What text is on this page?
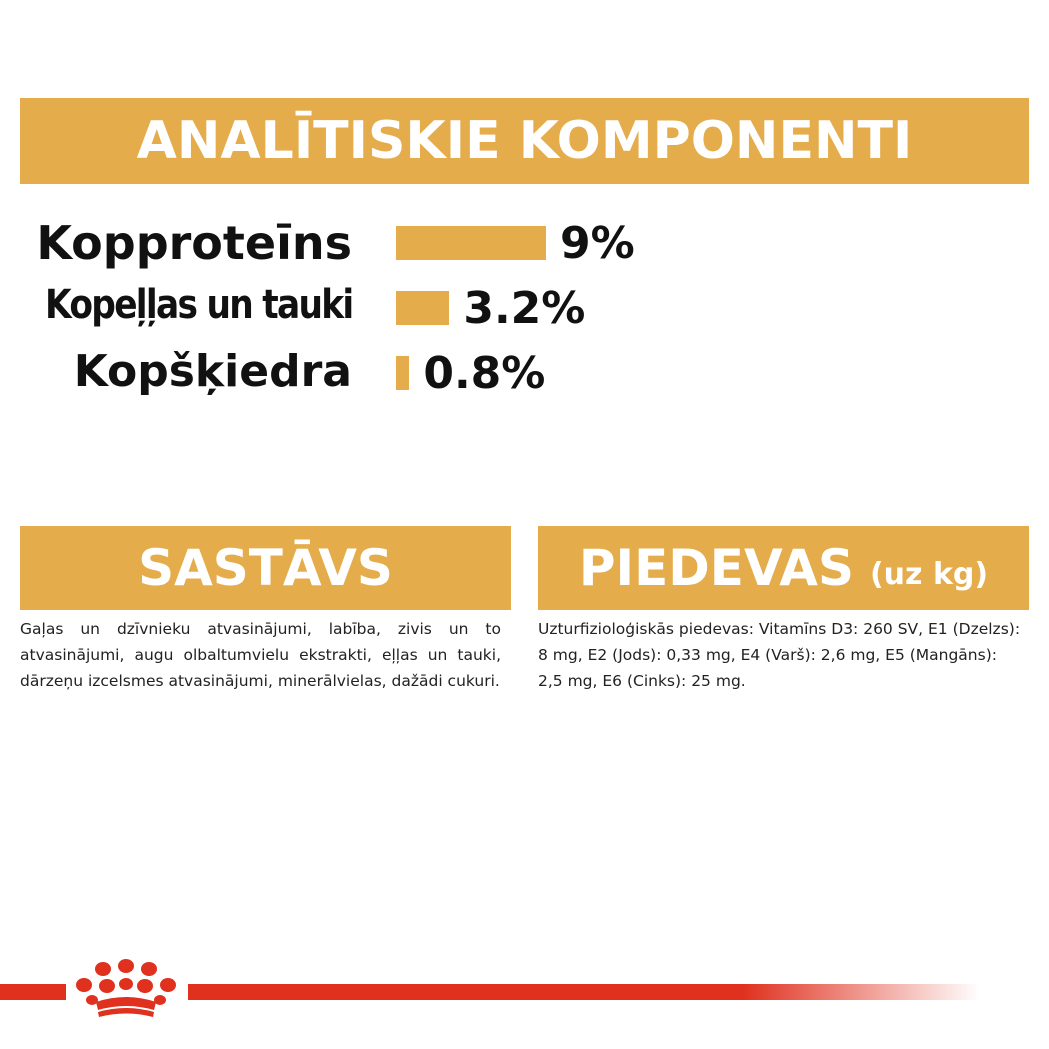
ANALĪTISKIE KOMPONENTI
Kopproteīns	9%
Kopeļļas un tauki	3.2%
Kopšķiedra 0.8%
SASTĀVS

Gaļas un dzīvnieku atvasinājumi, labība, zivis un to atvasinājumi, augu olbaltumvielu ekstrakti, eļļas un tauki, dārzeņu izcelsmes atvasinājumi, minerālvielas, dažādi cukuri.

PIEDEVAS (uz kg)

Uzturfizioloģiskās piedevas: Vitamīns D3: 260 SV, E1 (Dzelzs): 8 mg, E2 (Jods): 0,33 mg, E4 (Varš): 2,6 mg, E5 (Mangāns): 2,5 mg, E6 (Cinks): 25 mg.
